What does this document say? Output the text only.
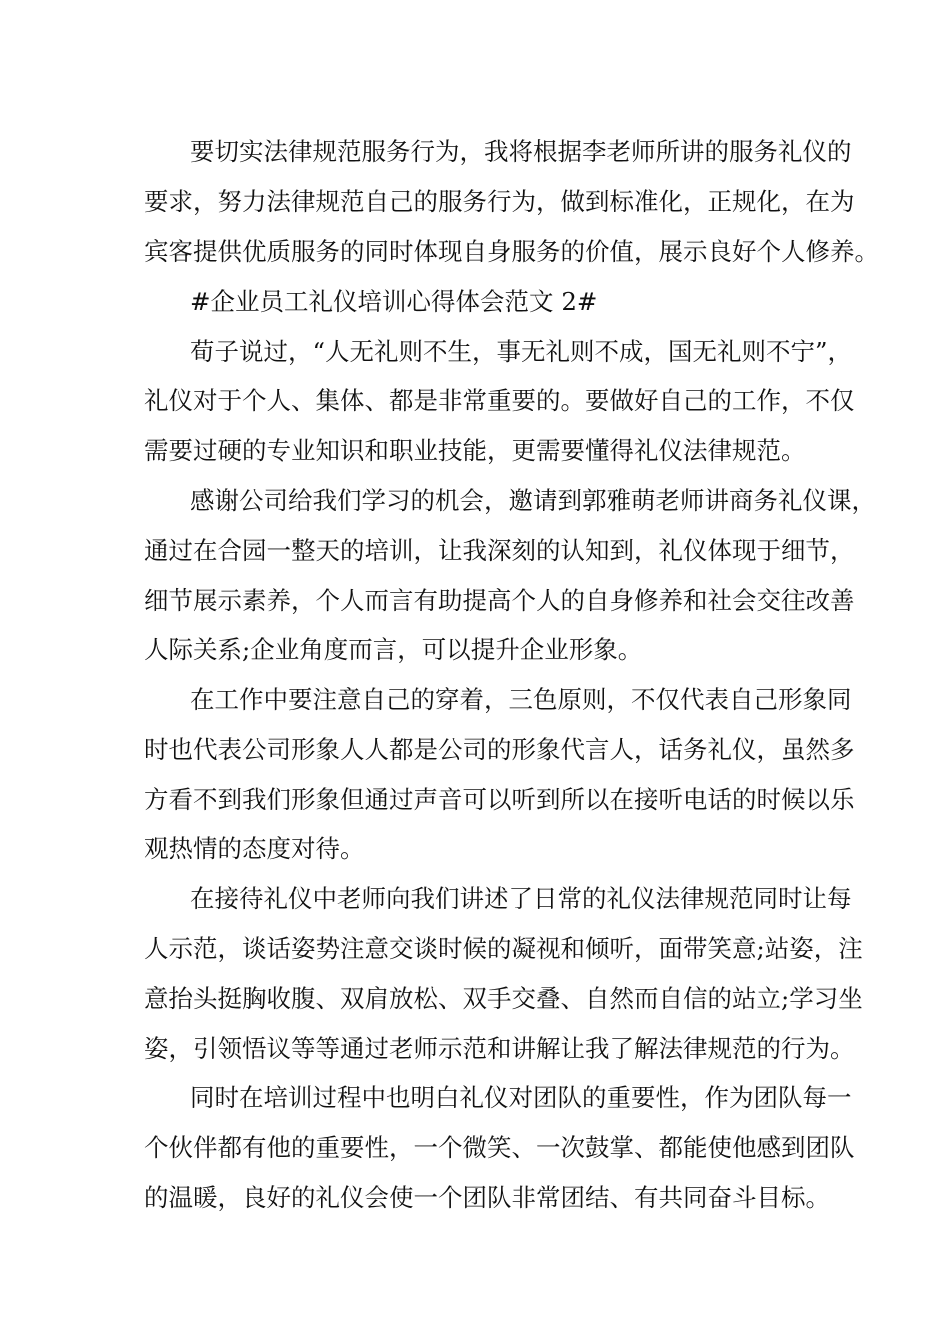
要切实法律规范服务行为，我将根据李老师所讲的服务礼仪的
要求，努力法律规范自己的服务行为，做到标准化，正规化，在为
宾客提供优质服务的同时体现自身服务的价值，展示良好个人修养。
#企业员工礼仪培训心得体会范文 2#
荀子说过，“人无礼则不生，事无礼则不成，国无礼则不宁”，
礼仪对于个人、集体、都是非常重要的。要做好自己的工作，不仅
需要过硬的专业知识和职业技能，更需要懂得礼仪法律规范。
感谢公司给我们学习的机会，邀请到郭雅萌老师讲商务礼仪课，
通过在合园一整天的培训，让我深刻的认知到，礼仪体现于细节，
细节展示素养，个人而言有助提高个人的自身修养和社会交往改善
人际关系;企业角度而言，可以提升企业形象。
在工作中要注意自己的穿着，三色原则，不仅代表自己形象同
时也代表公司形象人人都是公司的形象代言人，话务礼仪，虽然多
方看不到我们形象但通过声音可以听到所以在接听电话的时候以乐
观热情的态度对待。
在接待礼仪中老师向我们讲述了日常的礼仪法律规范同时让每
人示范，谈话姿势注意交谈时候的凝视和倾听，面带笑意;站姿，注
意抬头挺胸收腹、双肩放松、双手交叠、自然而自信的站立;学习坐
姿，引领悟议等等通过老师示范和讲解让我了解法律规范的行为。
同时在培训过程中也明白礼仪对团队的重要性，作为团队每一
个伙伴都有他的重要性，一个微笑、一次鼓掌、都能使他感到团队
的温暖，良好的礼仪会使一个团队非常团结、有共同奋斗目标。
